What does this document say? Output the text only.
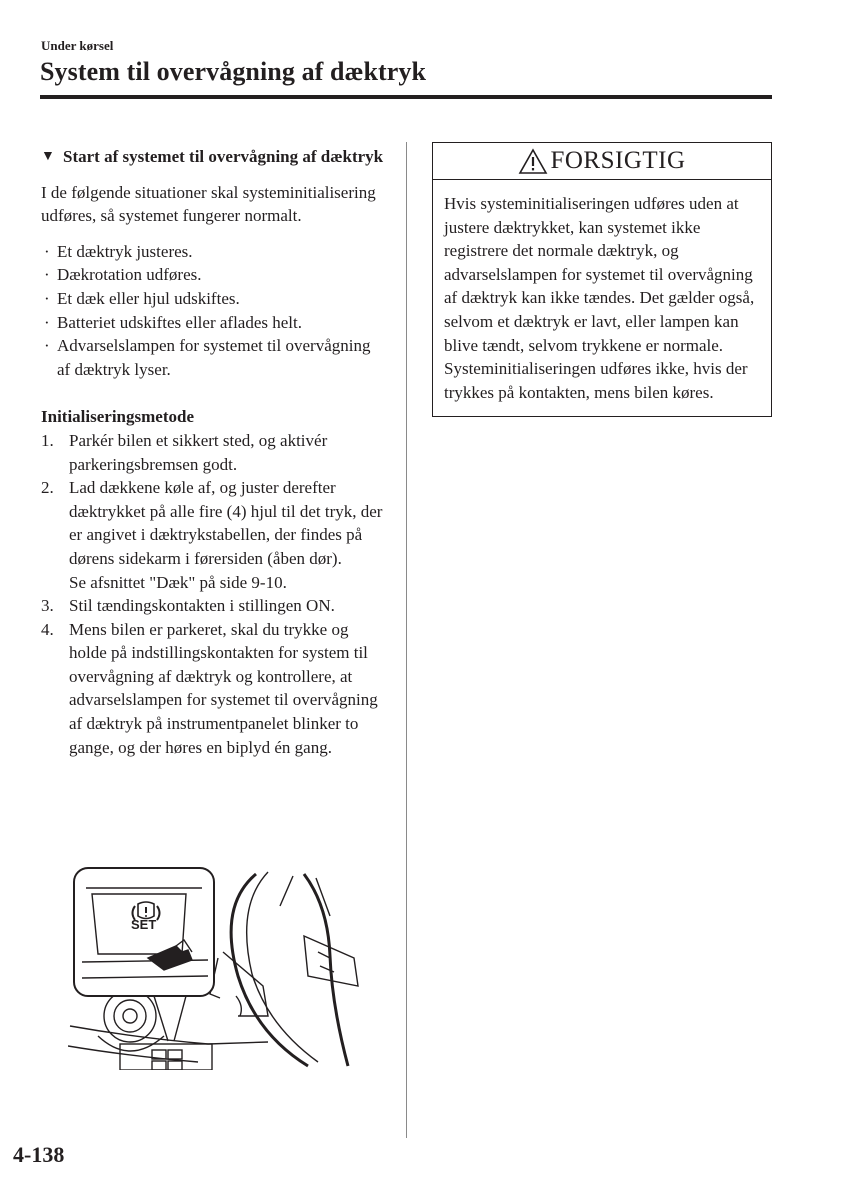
Under kørsel
System til overvågning af dæktryk

▼ Start af systemet til overvågning af dæktryk

I de følgende situationer skal systeminitialisering udføres, så systemet fungerer normalt.

· Et dæktryk justeres.
· Dækrotation udføres.
· Et dæk eller hjul udskiftes.
· Batteriet udskiftes eller aflades helt.
· Advarselslampen for systemet til overvågning af dæktryk lyser.

Initialiseringsmetode

1. Parkér bilen et sikkert sted, og aktivér parkeringsbremsen godt.
2. Lad dækkene køle af, og juster derefter dæktrykket på alle fire (4) hjul til det tryk, der er angivet i dæktrykstabellen, der findes på dørens sidekarm i førersiden (åben dør).
Se afsnittet "Dæk" på side 9-10.
3. Stil tændingskontakten i stillingen ON.
4. Mens bilen er parkeret, skal du trykke og holde på indstillingskontakten for system til overvågning af dæktryk og kontrollere, at advarselslampen for systemet til overvågning af dæktryk på instrumentpanelet blinker to gange, og der høres en biplyd én gang.
FORSIGTIG

Hvis systeminitialiseringen udføres uden at justere dæktrykket, kan systemet ikke registrere det normale dæktryk, og advarselslampen for systemet til overvågning af dæktryk kan ikke tændes. Det gælder også, selvom et dæktryk er lavt, eller lampen kan blive tændt, selvom trykkene er normale.

Systeminitialiseringen udføres ikke, hvis der trykkes på kontakten, mens bilen køres.

SET
4-138
